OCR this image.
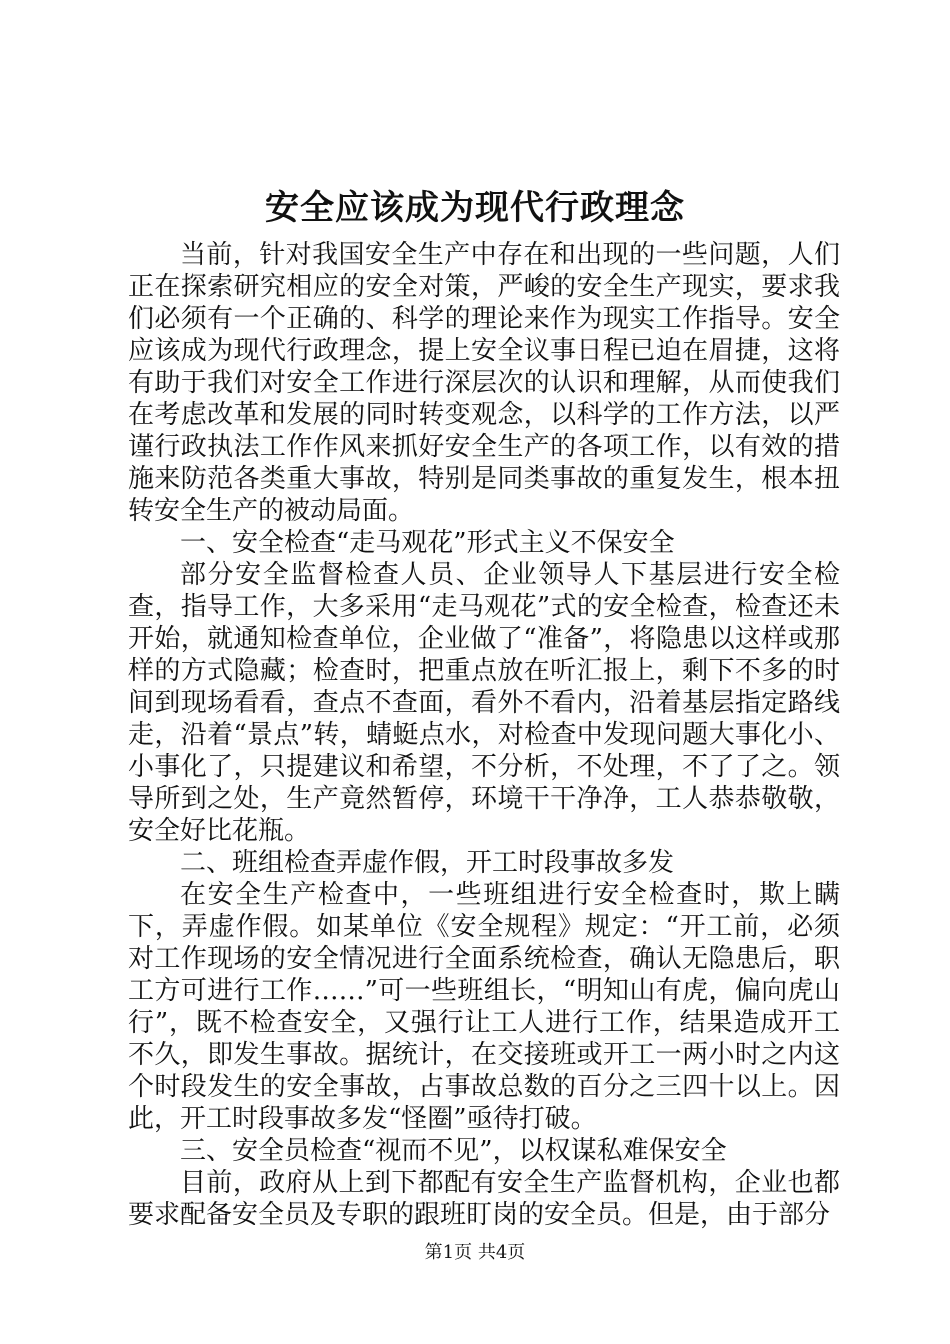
安全应该成为现代行政理念

当前，针对我国安全生产中存在和出现的一些问题，人们正在探索研究相应的安全对策，严峻的安全生产现实，要求我们必须有一个正确的、科学的理论来作为现实工作指导。安全应该成为现代行政理念，提上安全议事日程已迫在眉捷，这将有助于我们对安全工作进行深层次的认识和理解，从而使我们在考虑改革和发展的同时转变观念，以科学的工作方法，以严谨行政执法工作作风来抓好安全生产的各项工作，以有效的措施来防范各类重大事故，特别是同类事故的重复发生，根本扭转安全生产的被动局面。

一、安全检查“走马观花”形式主义不保安全

部分安全监督检查人员、企业领导人下基层进行安全检查，指导工作，大多采用“走马观花”式的安全检查，检查还未开始，就通知检查单位，企业做了“准备”，将隐患以这样或那样的方式隐藏；检查时，把重点放在听汇报上，剩下不多的时间到现场看看，查点不查面，看外不看内，沿着基层指定路线走，沿着“景点”转，蜻蜓点水，对检查中发现问题大事化小、小事化了，只提建议和希望，不分析，不处理，不了了之。领导所到之处，生产竟然暂停，环境干干净净，工人恭恭敬敬，安全好比花瓶。

二、班组检查弄虚作假，开工时段事故多发

在安全生产检查中，一些班组进行安全检查时，欺上瞒下，弄虚作假。如某单位《安全规程》规定：“开工前，必须对工作现场的安全情况进行全面系统检查，确认无隐患后，职工方可进行工作……”可一些班组长，“明知山有虎，偏向虎山行”，既不检查安全，又强行让工人进行工作，结果造成开工不久，即发生事故。据统计，在交接班或开工一两小时之内这个时段发生的安全事故，占事故总数的百分之三四十以上。因此，开工时段事故多发“怪圈”亟待打破。

三、安全员检查“视而不见”，以权谋私难保安全

目前，政府从上到下都配有安全生产监督机构，企业也都要求配备安全员及专职的跟班盯岗的安全员。但是，由于部分

第1页 共4页
